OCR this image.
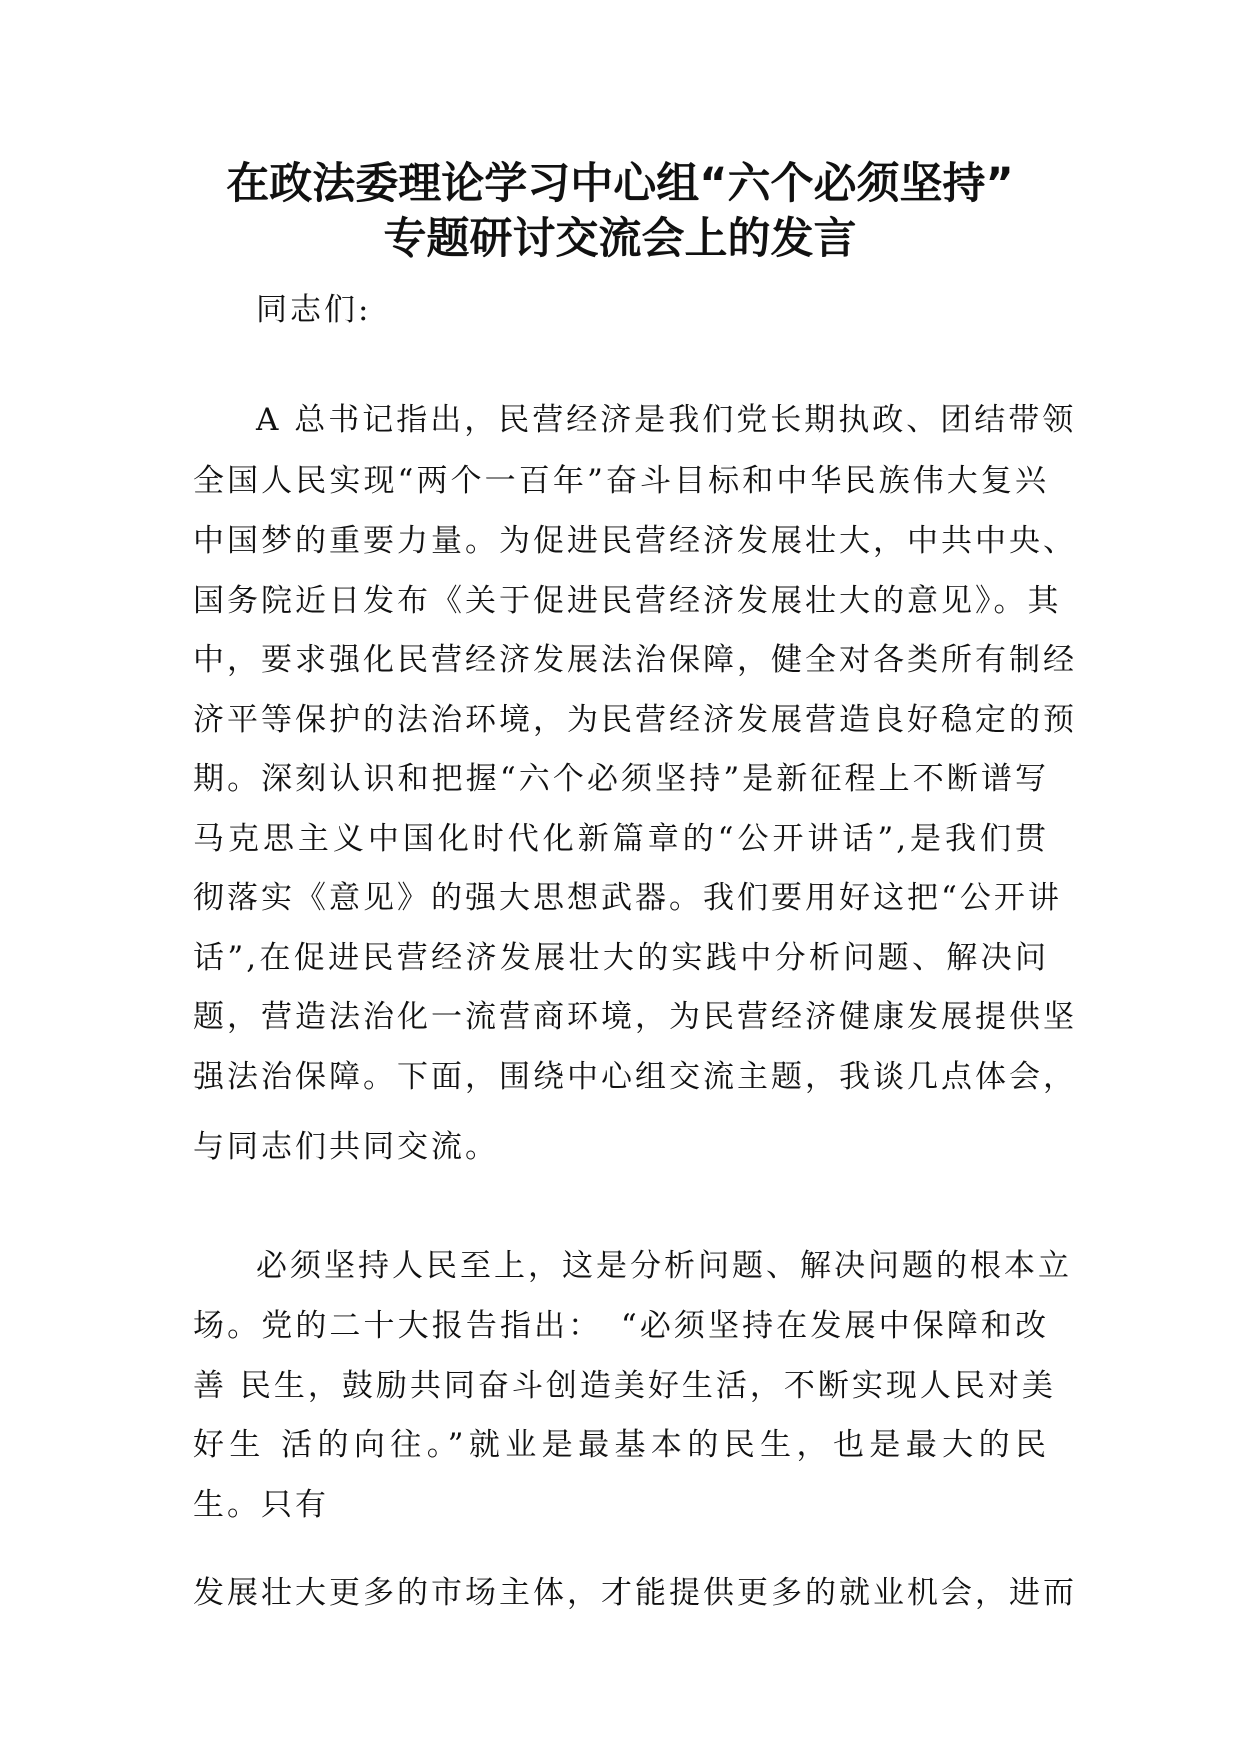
在政法委理论学习中心组“六个必须坚持”
专题研讨交流会上的发言

同志们:

A 总书记指出，民营经济是我们党长期执政、团结带领

全国人民实现“两个一百年”奋斗目标和中华民族伟大复兴

中国梦的重要力量。为促进民营经济发展壮大，中共中央、

国务院近日发布《关于促进民营经济发展壮大的意见》。其

中，要求强化民营经济发展法治保障，健全对各类所有制经

济平等保护的法治环境，为民营经济发展营造良好稳定的预

期。深刻认识和把握“六个必须坚持”是新征程上不断谱写

马克思主义中国化时代化新篇章的“公开讲话”,是我们贯

彻落实《意见》的强大思想武器。我们要用好这把“公开讲

话”,在促进民营经济发展壮大的实践中分析问题、解决问

题，营造法治化一流营商环境，为民营经济健康发展提供坚

强法治保障。下面，围绕中心组交流主题，我谈几点体会，

与同志们共同交流。

必须坚持人民至上，这是分析问题、解决问题的根本立

场。党的二十大报告指出：　“必须坚持在发展中保障和改

善 民生，鼓励共同奋斗创造美好生活，不断实现人民对美

好生 活的向往。”就业是最基本的民生，也是最大的民

生。只有

发展壮大更多的市场主体，才能提供更多的就业机会，进而
